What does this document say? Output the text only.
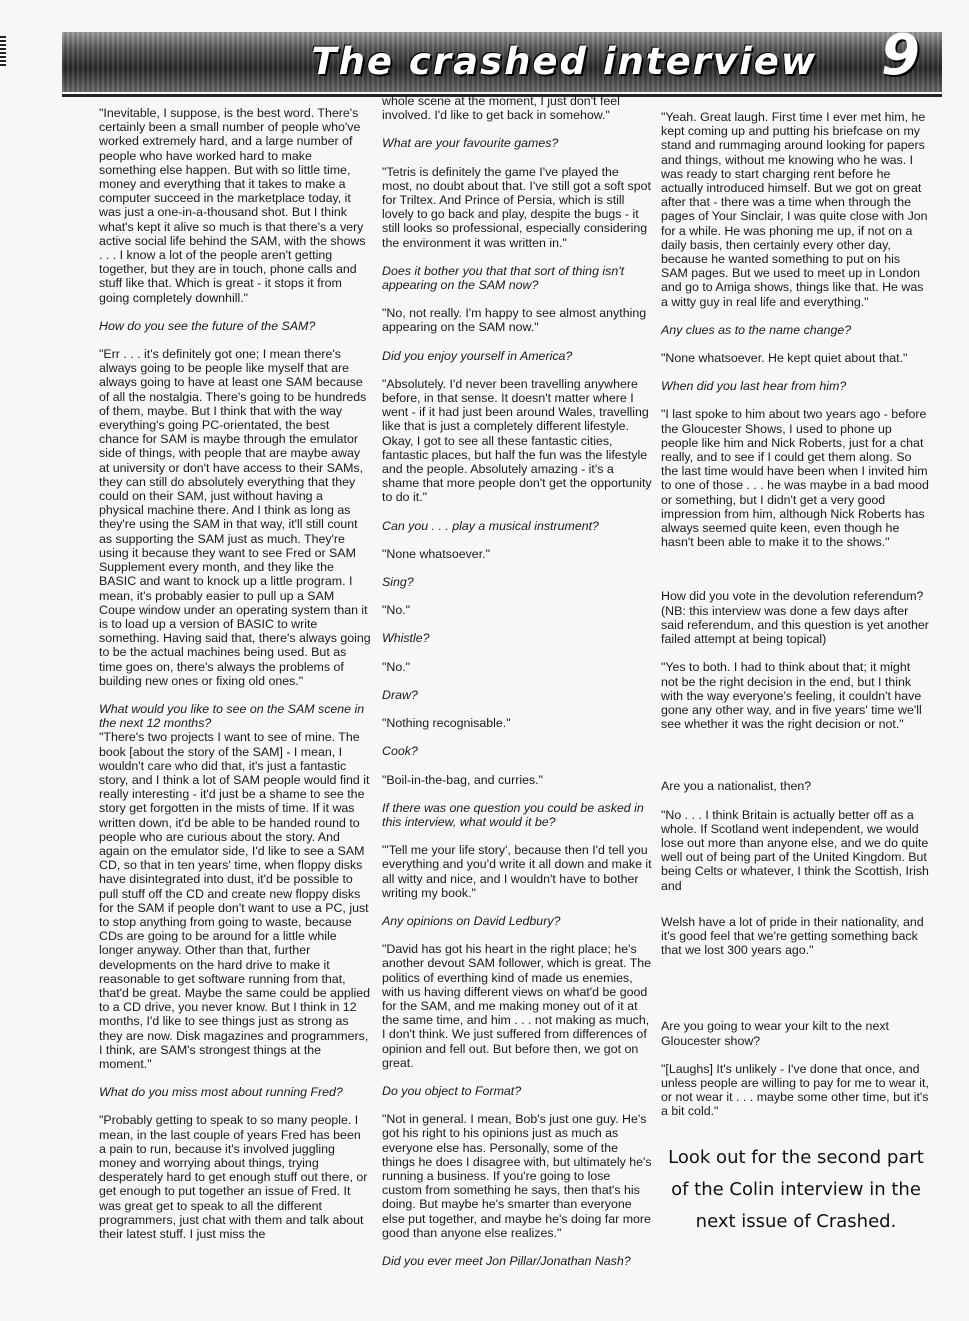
The crashed interview 9

"Inevitable, I suppose, is the best word. There's certainly been a small number of people who've worked extremely hard, and a large number of people who have worked hard to make something else happen. But with so little time, money and everything that it takes to make a computer succeed in the marketplace today, it was just a one-in-a-thousand shot. But I think what's kept it alive so much is that there's a very active social life behind the SAM, with the shows . . . I know a lot of the people aren't getting together, but they are in touch, phone calls and stuff like that. Which is great - it stops it from going completely downhill."

How do you see the future of the SAM?

"Err . . . it's definitely got one; I mean there's always going to be people like myself that are always going to have at least one SAM because of all the nostalgia. There's going to be hundreds of them, maybe. But I think that with the way everything's going PC-orientated, the best chance for SAM is maybe through the emulator side of things, with people that are maybe away at university or don't have access to their SAMs, they can still do absolutely everything that they could on their SAM, just without having a physical machine there. And I think as long as they're using the SAM in that way, it'll still count as supporting the SAM just as much. They're using it because they want to see Fred or SAM Supplement every month, and they like the BASIC and want to knock up a little program. I mean, it's probably easier to pull up a SAM Coupe window under an operating system than it is to load up a version of BASIC to write something. Having said that, there's always going to be the actual machines being used. But as time goes on, there's always the problems of building new ones or fixing old ones."

What would you like to see on the SAM scene in the next 12 months?

"There's two projects I want to see of mine. The book [about the story of the SAM] - I mean, I wouldn't care who did that, it's just a fantastic story, and I think a lot of SAM people would find it really interesting - it'd just be a shame to see the story get forgotten in the mists of time. If it was written down, it'd be able to be handed round to people who are curious about the story. And again on the emulator side, I'd like to see a SAM CD, so that in ten years' time, when floppy disks have disintegrated into dust, it'd be possible to pull stuff off the CD and create new floppy disks for the SAM if people don't want to use a PC, just to stop anything from going to waste, because CDs are going to be around for a little while longer anyway. Other than that, further developments on the hard drive to make it reasonable to get software running from that, that'd be great. Maybe the same could be applied to a CD drive, you never know. But I think in 12 months, I'd like to see things just as strong as they are now. Disk magazines and programmers, I think, are SAM's strongest things at the moment."

What do you miss most about running Fred?

"Probably getting to speak to so many people. I mean, in the last couple of years Fred has been a pain to run, because it's involved juggling money and worrying about things, trying desperately hard to get enough stuff out there, or get enough to put together an issue of Fred. It was great get to speak to all the different programmers, just chat with them and talk about their latest stuff. I just miss the

whole scene at the moment, I just don't feel involved. I'd like to get back in somehow."

What are your favourite games?

"Tetris is definitely the game I've played the most, no doubt about that. I've still got a soft spot for Triltex. And Prince of Persia, which is still lovely to go back and play, despite the bugs - it still looks so professional, especially considering the environment it was written in."

Does it bother you that that sort of thing isn't appearing on the SAM now?

"No, not really. I'm happy to see almost anything appearing on the SAM now."

Did you enjoy yourself in America?

"Absolutely. I'd never been travelling anywhere before, in that sense. It doesn't matter where I went - if it had just been around Wales, travelling like that is just a completely different lifestyle. Okay, I got to see all these fantastic cities, fantastic places, but half the fun was the lifestyle and the people. Absolutely amazing - it's a shame that more people don't get the opportunity to do it."

Can you . . . play a musical instrument?

"None whatsoever."

Sing?

"No."

Whistle?

"No."

Draw?

"Nothing recognisable."

Cook?

"Boil-in-the-bag, and curries."

If there was one question you could be asked in this interview, what would it be?

"'Tell me your life story', because then I'd tell you everything and you'd write it all down and make it all witty and nice, and I wouldn't have to bother writing my book."

Any opinions on David Ledbury?

"David has got his heart in the right place; he's another devout SAM follower, which is great. The politics of everthing kind of made us enemies, with us having different views on what'd be good for the SAM, and me making money out of it at the same time, and him . . . not making as much, I don't think. We just suffered from differences of opinion and fell out. But before then, we got on great.

Do you object to Format?

"Not in general. I mean, Bob's just one guy. He's got his right to his opinions just as much as everyone else has. Personally, some of the things he does I disagree with, but ultimately he's running a business. If you're going to lose custom from something he says, then that's his doing. But maybe he's smarter than everyone else put together, and maybe he's doing far more good than anyone else realizes."

Did you ever meet Jon Pillar/Jonathan Nash?

"Yeah. Great laugh. First time I ever met him, he kept coming up and putting his briefcase on my stand and rummaging around looking for papers and things, without me knowing who he was. I was ready to start charging rent before he actually introduced himself. But we got on great after that - there was a time when through the pages of Your Sinclair, I was quite close with Jon for a while. He was phoning me up, if not on a daily basis, then certainly every other day, because he wanted something to put on his SAM pages. But we used to meet up in London and go to Amiga shows, things like that. He was a witty guy in real life and everything."

Any clues as to the name change?

"None whatsoever. He kept quiet about that."

When did you last hear from him?

"I last spoke to him about two years ago - before the Gloucester Shows, I used to phone up people like him and Nick Roberts, just for a chat really, and to see if I could get them along. So the last time would have been when I invited him to one of those . . . he was maybe in a bad mood or something, but I didn't get a very good impression from him, although Nick Roberts has always seemed quite keen, even though he hasn't been able to make it to the shows."

How did you vote in the devolution referendum? (NB: this interview was done a few days after said referendum, and this question is yet another failed attempt at being topical)

"Yes to both. I had to think about that; it might not be the right decision in the end, but I think with the way everyone's feeling, it couldn't have gone any other way, and in five years' time we'll see whether it was the right decision or not."

Are you a nationalist, then?

"No . . . I think Britain is actually better off as a whole. If Scotland went independent, we would lose out more than anyone else, and we do quite well out of being part of the United Kingdom. But being Celts or whatever, I think the Scottish, Irish and

Welsh have a lot of pride in their nationality, and it's good feel that we're getting something back that we lost 300 years ago."

Are you going to wear your kilt to the next Gloucester show?

"[Laughs] It's unlikely - I've done that once, and unless people are willing to pay for me to wear it, or not wear it . . . maybe some other time, but it's a bit cold."

Look out for the second part of the Colin interview in the next issue of Crashed.
